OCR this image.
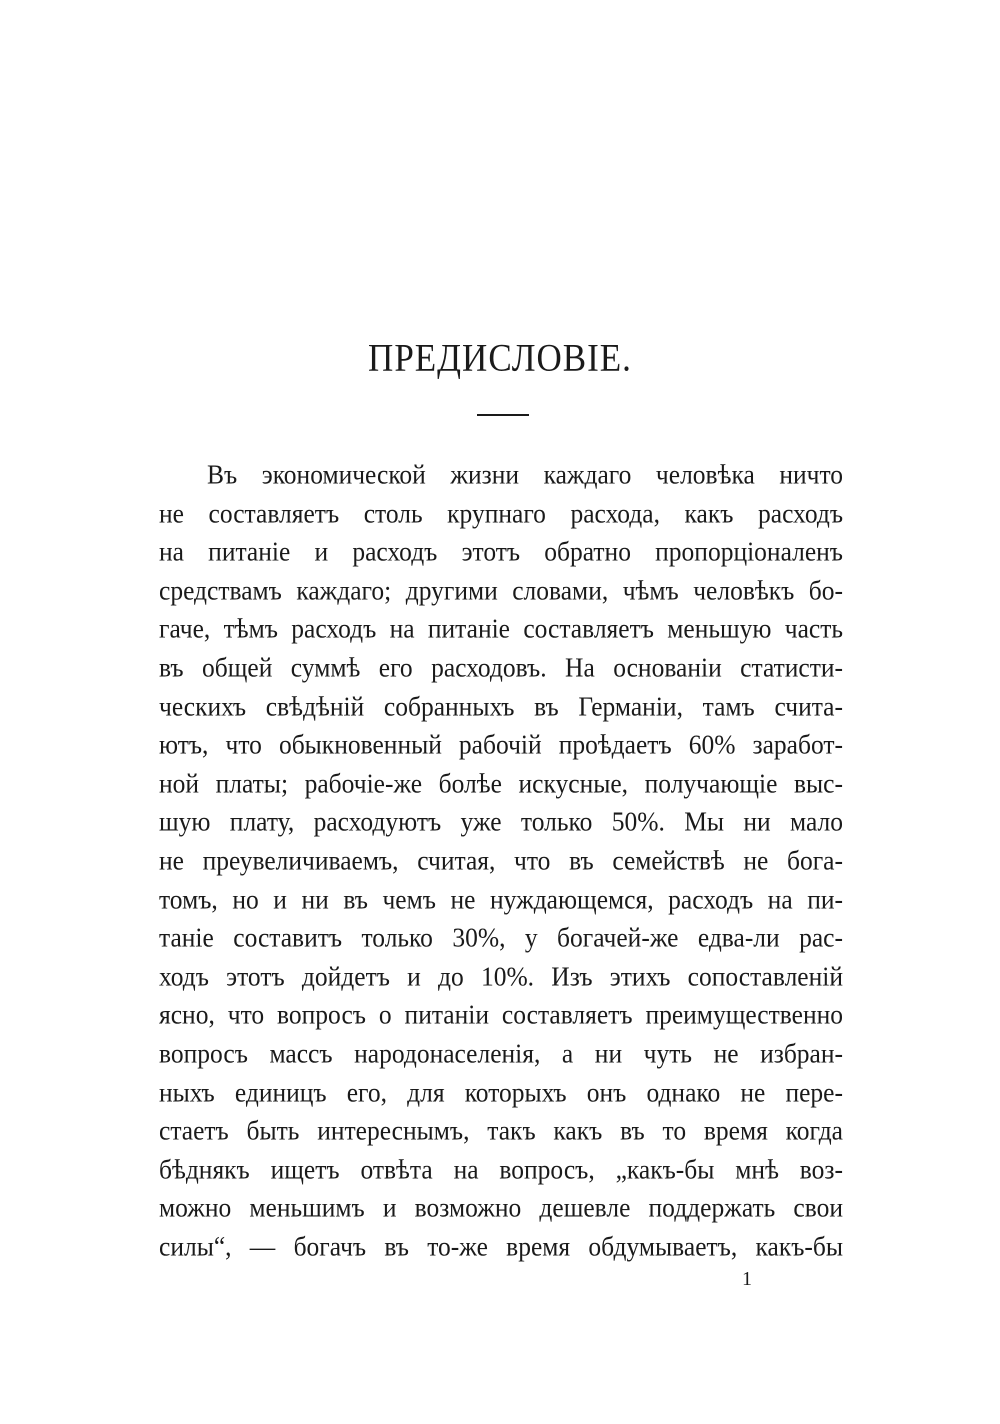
ПРЕДИСЛОВIЕ.
Въ экономической жизни каждаго человѣка ничто
не составляетъ столь крупнаго расхода, какъ расходъ
на питанiе и расходъ этотъ обратно пропорцiоналенъ
средствамъ каждаго; другими словами, чѣмъ человѣкъ бо-
гаче, тѣмъ расходъ на питанiе составляетъ меньшую часть
въ общей суммѣ его расходовъ. На основанiи статисти-
ческихъ свѣдѣнiй собранныхъ въ Германiи, тамъ счита-
ютъ, что обыкновенный рабочiй проѣдаетъ 60% заработ-
ной платы; рабочiе-же болѣе искусные, получающiе выс-
шую плату, расходуютъ уже только 50%. Мы ни мало
не преувеличиваемъ, считая, что въ семействѣ не бога-
томъ, но и ни въ чемъ не нуждающемся, расходъ на пи-
танiе составитъ только 30%, у богачей-же едва-ли рас-
ходъ этотъ дойдетъ и до 10%. Изъ этихъ сопоставленiй
ясно, что вопросъ о питанiи составляетъ преимущественно
вопросъ массъ народонаселенiя, а ни чуть не избран-
ныхъ единицъ его, для которыхъ онъ однако не пере-
стаетъ быть интереснымъ, такъ какъ въ то время когда
бѣднякъ ищетъ отвѣта на вопросъ, „какъ-бы мнѣ воз-
можно меньшимъ и возможно дешевле поддержать свои
силы“, — богачъ въ то-же время обдумываетъ, какъ-бы
1
